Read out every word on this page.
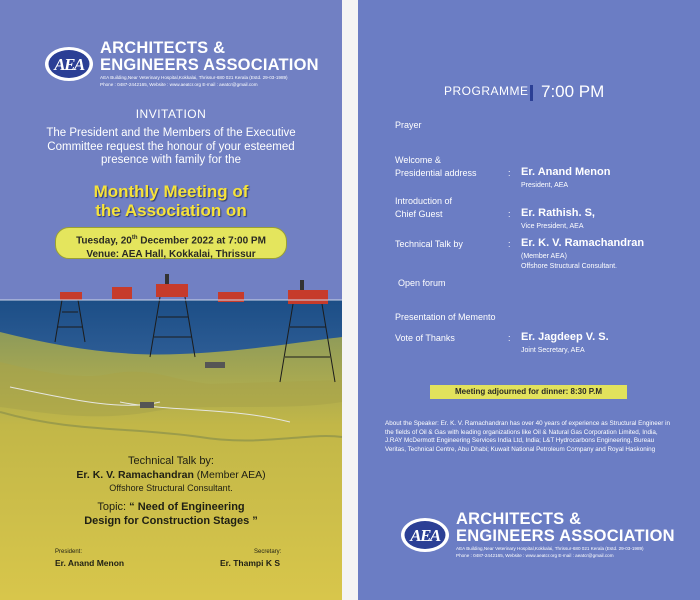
AEA
ARCHITECTS &
ENGINEERS ASSOCIATION
AEA Building,Near Veterinary Hospital,Kokkalai, Thrissur-680 021 Kerala (Estd. 29-03-1989)
Phone : 0487-2442165, Website : www.aeatcr.org E-mail : aeatcr@gmail.com
INVITATION
The President and the Members of the Executive Committee request the honour of your esteemed presence with family for the
Monthly Meeting of
the Association on
Tuesday, 20th December 2022 at 7:00 PM
Venue: AEA Hall, Kokkalai, Thrissur
Technical Talk by:
Er. K. V. Ramachandran (Member AEA)
Offshore Structural Consultant.
Topic: “ Need of Engineering
Design for Construction Stages ”
President:
Er. Anand Menon
Secretary:
Er. Thampi K S
PROGRAMME 7:00 PM
Prayer
Welcome &
Presidential address	: Er. Anand Menon
President, AEA
Introduction of
Chief Guest	: Er. Rathish. S,
Vice President, AEA
Technical Talk by	: Er. K. V. Ramachandran
(Member AEA)
Offshore Structural Consultant.
Open forum
Presentation of Memento
Vote of Thanks	: Er. Jagdeep V. S.
Joint Secretary, AEA
Meeting adjourned for dinner: 8:30 P.M
About the Speaker: Er. K. V. Ramachandran has over 40 years of experience as Structural Engineer in the fields of Oil & Gas with leading organizations like Oil & Natural Gas Corporation Limited, India, J.RAY McDermott Engineering Services India Ltd, India; L&T Hydrocarbons Engineering, Bureau Veritas, Technical Centre, Abu Dhabi; Kuwait National Petroleum Company and Royal Haskoning
AEA
ARCHITECTS &
ENGINEERS ASSOCIATION
AEA Building,Near Veterinary Hospital,Kokkalai, Thrissur-680 021 Kerala (Estd. 29-03-1989)
Phone : 0487-2442165, Website : www.aeatcr.org E-mail : aeatcr@gmail.com
